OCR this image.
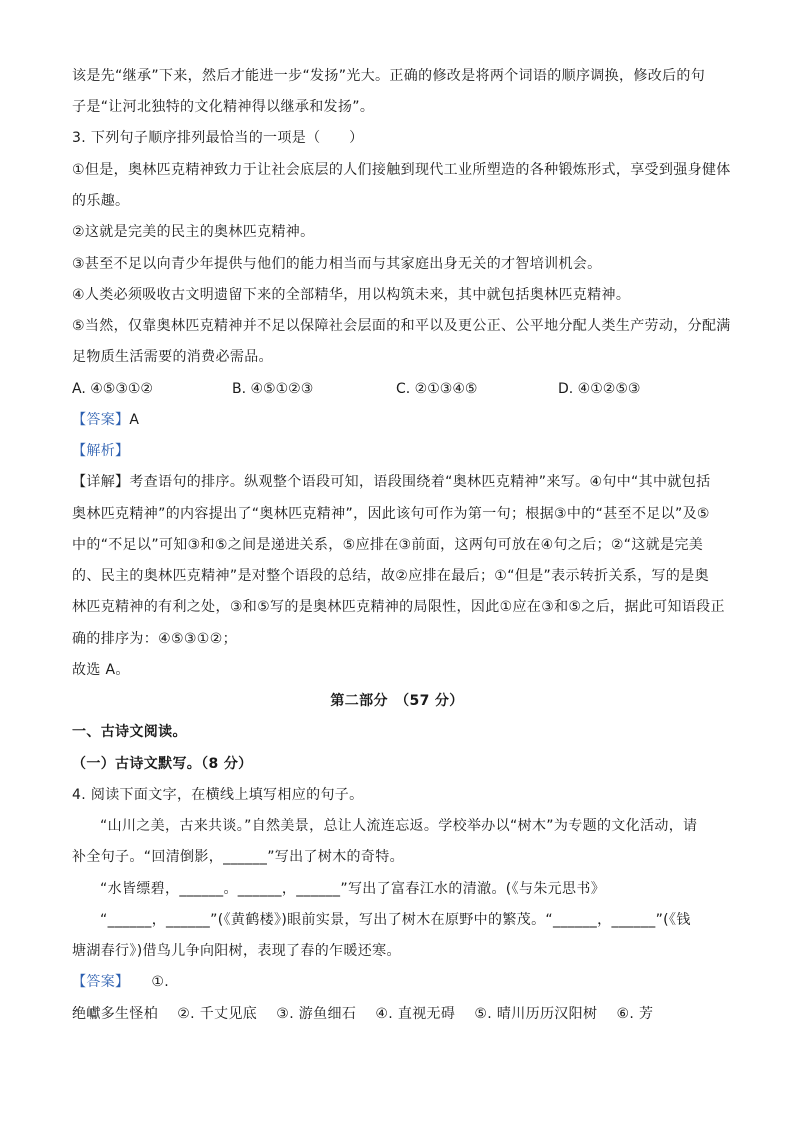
该是先“继承”下来，然后才能进一步“发扬”光大。正确的修改是将两个词语的顺序调换，修改后的句
子是“让河北独特的文化精神得以继承和发扬”。
3. 下列句子顺序排列最恰当的一项是（　　）
①但是，奥林匹克精神致力于让社会底层的人们接触到现代工业所塑造的各种锻炼形式，享受到强身健体
的乐趣。
②这就是完美的民主的奥林匹克精神。
③甚至不足以向青少年提供与他们的能力相当而与其家庭出身无关的才智培训机会。
④人类必须吸收古文明遗留下来的全部精华，用以构筑未来，其中就包括奥林匹克精神。
⑤当然，仅靠奥林匹克精神并不足以保障社会层面的和平以及更公正、公平地分配人类生产劳动，分配满
足物质生活需要的消费必需品。
A. ④⑤③①②	B. ④⑤①②③	C. ②①③④⑤	D. ④①②⑤③
【答案】A
【解析】
【详解】考查语句的排序。纵观整个语段可知，语段围绕着“奥林匹克精神”来写。④句中“其中就包括
奥林匹克精神”的内容提出了“奥林匹克精神”，因此该句可作为第一句；根据③中的“甚至不足以”及⑤
中的“不足以”可知③和⑤之间是递进关系，⑤应排在③前面，这两句可放在④句之后；②“这就是完美
的、民主的奥林匹克精神”是对整个语段的总结，故②应排在最后；①“但是”表示转折关系，写的是奥
林匹克精神的有利之处，③和⑤写的是奥林匹克精神的局限性，因此①应在③和⑤之后，据此可知语段正
确的排序为：④⑤③①②；
故选 A。
第二部分　（57 分）
一、古诗文阅读。
（一）古诗文默写。（8 分）
4. 阅读下面文字，在横线上填写相应的句子。
“山川之美，古来共谈。”自然美景，总让人流连忘返。学校举办以“树木”为专题的文化活动，请
补全句子。“回清倒影，______”写出了树木的奇特。
“水皆缥碧，______。______，______”写出了富春江水的清澈。(《与朱元思书》
“______，______”(《黄鹤楼》)眼前实景，写出了树木在原野中的繁茂。“______，______”(《钱
塘湖春行》)借鸟儿争向阳树，表现了春的乍暖还寒。
【答案】 ①.
绝巘多生怪柏　 ②. 千丈见底　 ③. 游鱼细石　 ④. 直视无碍　 ⑤. 晴川历历汉阳树　 ⑥. 芳
